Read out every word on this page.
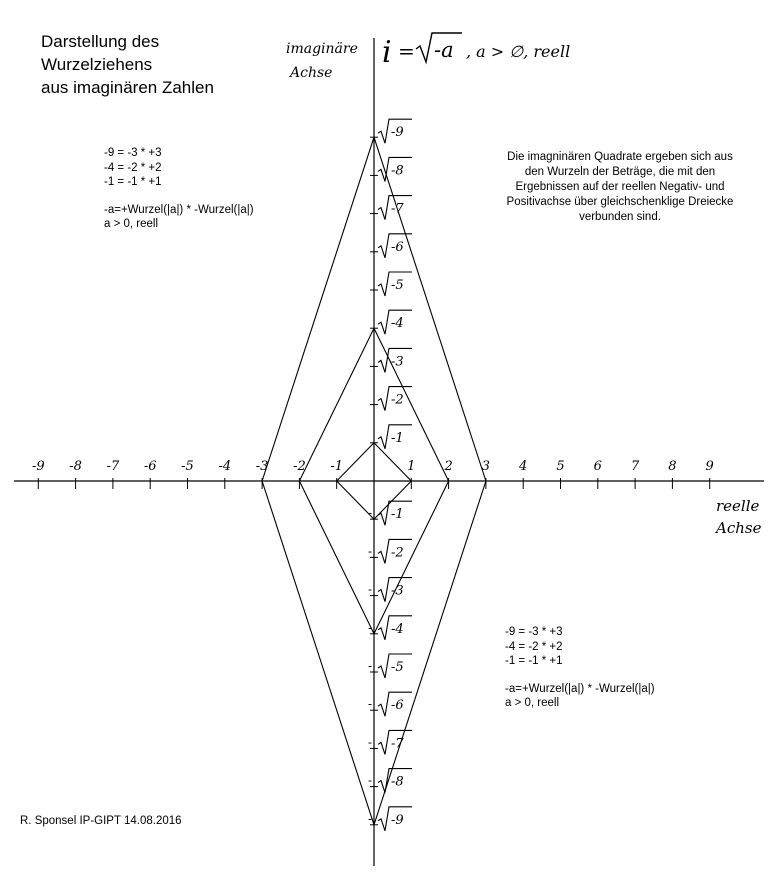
-9 -8 -7 -6 -5 -4 -3 -2 -1	1 2 3 4 5 6 7 8 9
-9
-8
-7
-6
-5
-4
-3
-2
-1
- -1
- -2
- -3
- -4
- -5
- -6
- -7
- -8
- -9
imaginäre
Achse
i = -a , a > ∅, reell
reelle
Achse
Darstellung des
Wurzelziehens
aus imaginären Zahlen
-9 = -3 * +3
-4 = -2 * +2
-1 = -1 * +1
-a=+Wurzel(|a|) * -Wurzel(|a|)
a > 0, reell
Die imagninären Quadrate ergeben sich aus den Wurzeln der Beträge, die mit den Ergebnissen auf der reellen Negativ- und Positivachse über gleichschenklige Dreiecke verbunden sind.
-9 = -3 * +3
-4 = -2 * +2
-1 = -1 * +1
-a=+Wurzel(|a|) * -Wurzel(|a|)
a > 0, reell
R. Sponsel IP-GIPT 14.08.2016
